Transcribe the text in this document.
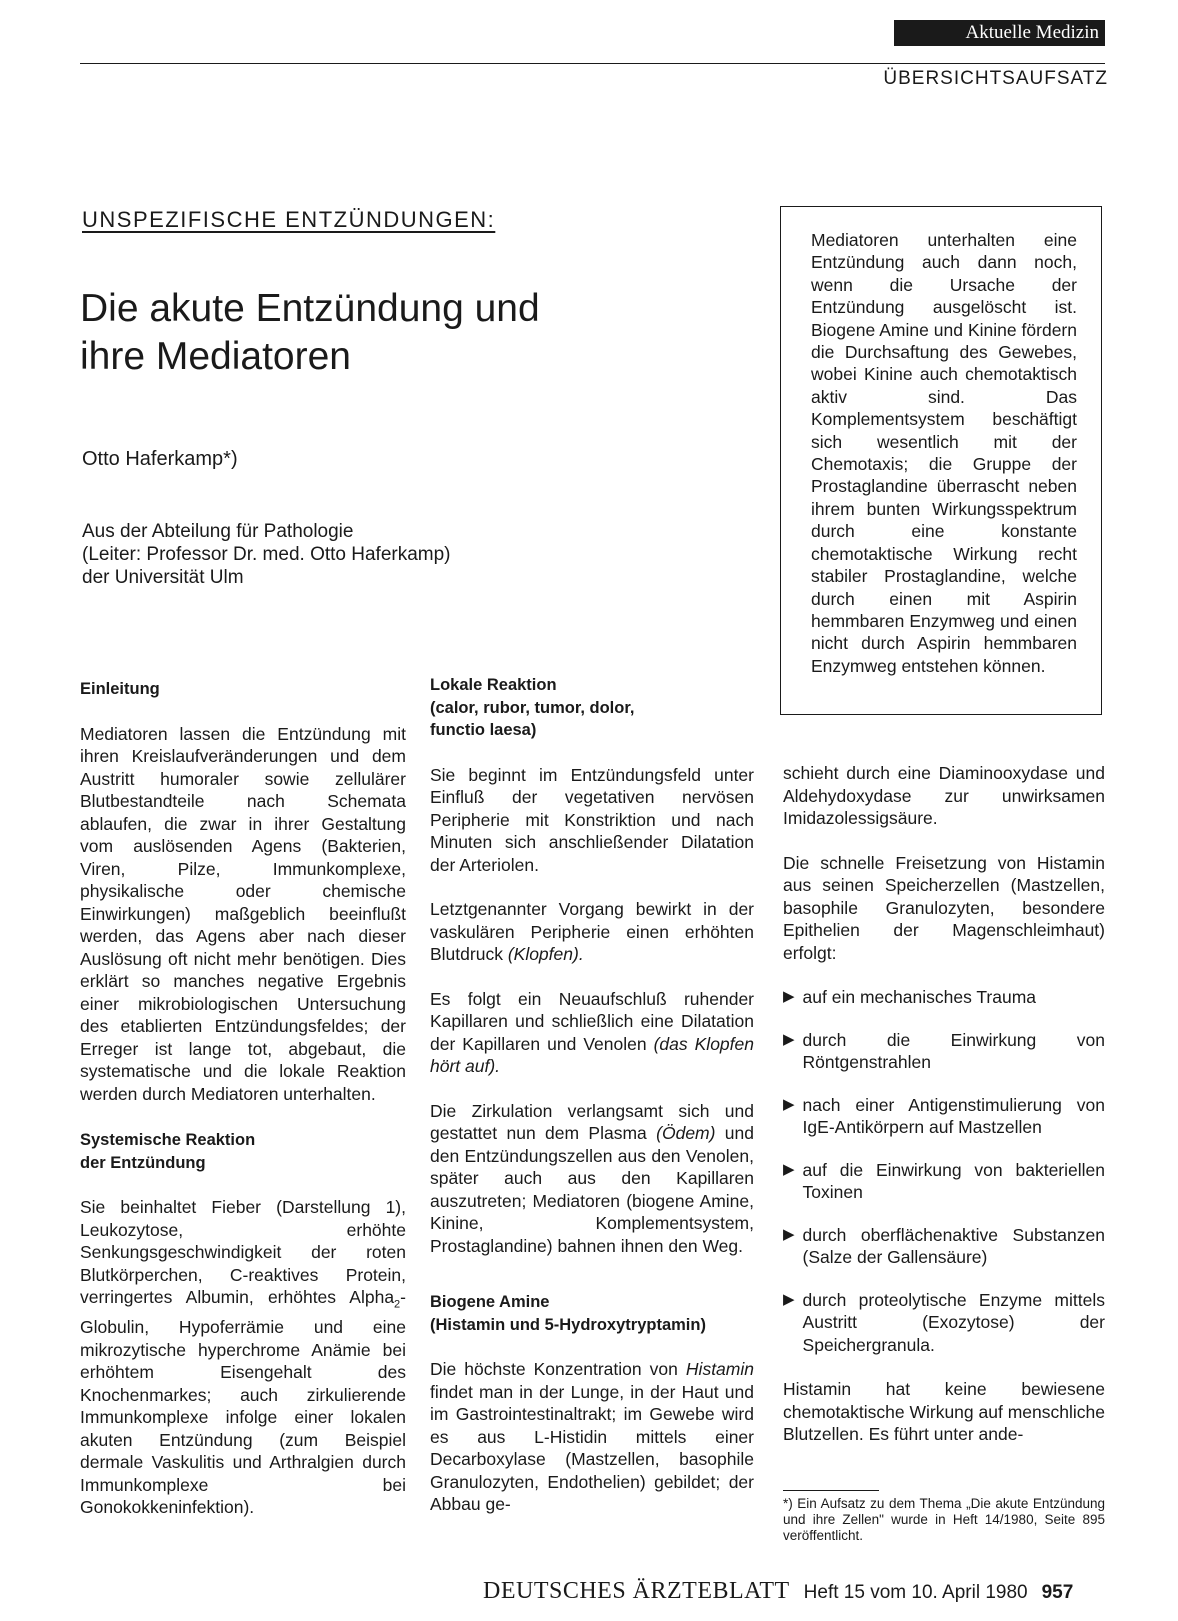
Aktuelle Medizin
ÜBERSICHTSAUFSATZ
UNSPEZIFISCHE ENTZÜNDUNGEN:
Die akute Entzündung und
ihre Mediatoren
Otto Haferkamp*)
Aus der Abteilung für Pathologie
(Leiter: Professor Dr. med. Otto Haferkamp)
der Universität Ulm
Mediatoren unterhalten eine Entzündung auch dann noch, wenn die Ursache der Entzündung ausgelöscht ist. Biogene Amine und Kinine fördern die Durchsaftung des Gewebes, wobei Kinine auch chemotaktisch aktiv sind. Das Komplementsystem beschäftigt sich wesentlich mit der Chemotaxis; die Gruppe der Prostaglandine überrascht neben ihrem bunten Wirkungsspektrum durch eine konstante chemotaktische Wirkung recht stabiler Prostaglandine, welche durch einen mit Aspirin hemmbaren Enzymweg und einen nicht durch Aspirin hemmbaren Enzymweg entstehen können.
Einleitung

Mediatoren lassen die Entzündung mit ihren Kreislaufveränderungen und dem Austritt humoraler sowie zellulärer Blutbestandteile nach Schemata ablaufen, die zwar in ihrer Gestaltung vom auslösenden Agens (Bakterien, Viren, Pilze, Immunkomplexe, physikalische oder chemische Einwirkungen) maßgeblich beeinflußt werden, das Agens aber nach dieser Auslösung oft nicht mehr benötigen. Dies erklärt so manches negative Ergebnis einer mikrobiologischen Untersuchung des etablierten Entzündungsfeldes; der Erreger ist lange tot, abgebaut, die systematische und die lokale Reaktion werden durch Mediatoren unterhalten.

Systemische Reaktion
der Entzündung

Sie beinhaltet Fieber (Darstellung 1), Leukozytose, erhöhte Senkungsgeschwindigkeit der roten Blutkörperchen, C-reaktives Protein, verringertes Albumin, erhöhtes Alpha$_2$-Globulin, Hypoferrämie und eine mikrozytische hyperchrome Anämie bei erhöhtem Eisengehalt des Knochenmarkes; auch zirkulierende Immunkomplexe infolge einer lokalen akuten Entzündung (zum Beispiel dermale Vaskulitis und Arthralgien durch Immunkomplexe bei Gonokokkeninfektion).

Lokale Reaktion
(calor, rubor, tumor, dolor,
functio laesa)

Sie beginnt im Entzündungsfeld unter Einfluß der vegetativen nervösen Peripherie mit Konstriktion und nach Minuten sich anschließender Dilatation der Arteriolen.

Letztgenannter Vorgang bewirkt in der vaskulären Peripherie einen erhöhten Blutdruck (Klopfen).

Es folgt ein Neuaufschluß ruhender Kapillaren und schließlich eine Dilatation der Kapillaren und Venolen (das Klopfen hört auf).

Die Zirkulation verlangsamt sich und gestattet nun dem Plasma (Ödem) und den Entzündungszellen aus den Venolen, später auch aus den Kapillaren auszutreten; Mediatoren (biogene Amine, Kinine, Komplementsystem, Prostaglandine) bahnen ihnen den Weg.

Biogene Amine
(Histamin und 5-Hydroxytryptamin)

Die höchste Konzentration von Histamin findet man in der Lunge, in der Haut und im Gastrointestinaltrakt; im Gewebe wird es aus L-Histidin mittels einer Decarboxylase (Mastzellen, basophile Granulozyten, Endothelien) gebildet; der Abbau ge-

schieht durch eine Diaminooxydase und Aldehydoxydase zur unwirksamen Imidazolessigsäure.

Die schnelle Freisetzung von Histamin aus seinen Speicherzellen (Mastzellen, basophile Granulozyten, besondere Epithelien der Magenschleimhaut) erfolgt:

▶ auf ein mechanisches Trauma

▶ durch die Einwirkung von Röntgenstrahlen

▶ nach einer Antigenstimulierung von IgE-Antikörpern auf Mastzellen

▶ auf die Einwirkung von bakteriellen Toxinen

▶ durch oberflächenaktive Substanzen (Salze der Gallensäure)

▶ durch proteolytische Enzyme mittels Austritt (Exozytose) der Speichergranula.

Histamin hat keine bewiesene chemotaktische Wirkung auf menschliche Blutzellen. Es führt unter ande-

*) Ein Aufsatz zu dem Thema „Die akute Entzündung und ihre Zellen" wurde in Heft 14/1980, Seite 895 veröffentlicht.
DEUTSCHES ÄRZTEBLATT Heft 15 vom 10. April 1980 957
